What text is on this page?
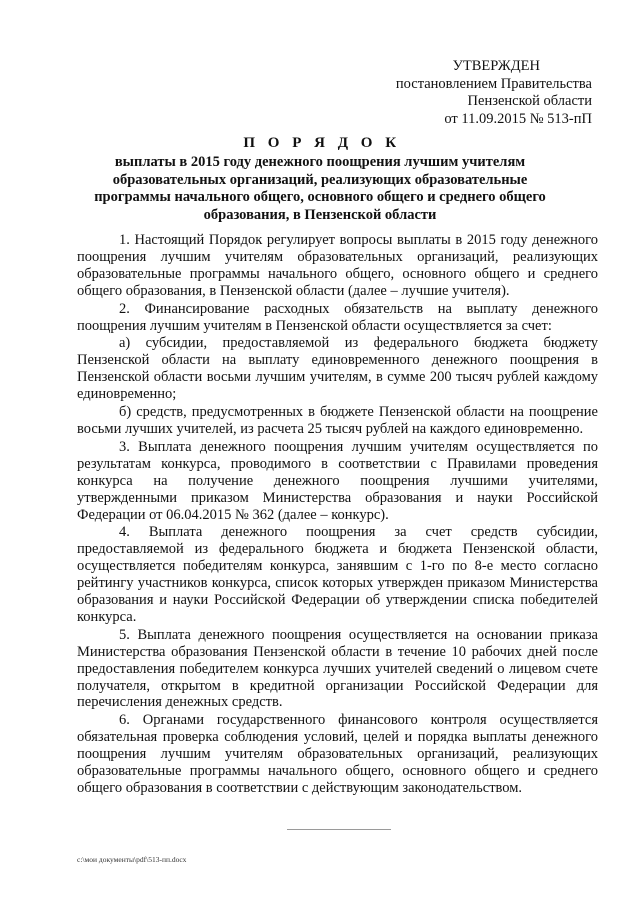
УТВЕРЖДЕН
постановлением Правительства
Пензенской области
от 11.09.2015 № 513-пП
П О Р Я Д О К
выплаты в 2015 году денежного поощрения лучшим учителям образовательных организаций, реализующих образовательные программы начального общего, основного общего и среднего общего образования, в Пензенской области

1. Настоящий Порядок регулирует вопросы выплаты в 2015 году денежного поощрения лучшим учителям образовательных организаций, реализующих образовательные программы начального общего, основного общего и среднего общего образования, в Пензенской области (далее – лучшие учителя).

2. Финансирование расходных обязательств на выплату денежного поощрения лучшим учителям в Пензенской области осуществляется за счет:

а) субсидии, предоставляемой из федерального бюджета бюджету Пензенской области на выплату единовременного денежного поощрения в Пензенской области восьми лучшим учителям, в сумме 200 тысяч рублей каждому единовременно;

б) средств, предусмотренных в бюджете Пензенской области на поощрение восьми лучших учителей, из расчета 25 тысяч рублей на каждого единовременно.

3. Выплата денежного поощрения лучшим учителям осуществляется по результатам конкурса, проводимого в соответствии с Правилами проведения конкурса на получение денежного поощрения лучшими учителями, утвержденными приказом Министерства образования и науки Российской Федерации от 06.04.2015 № 362 (далее – конкурс).

4. Выплата денежного поощрения за счет средств субсидии, предоставляемой из федерального бюджета и бюджета Пензенской области, осуществляется победителям конкурса, занявшим с 1-го по 8-е место согласно рейтингу участников конкурса, список которых утвержден приказом Министерства образования и науки Российской Федерации об утверждении списка победителей конкурса.

5. Выплата денежного поощрения осуществляется на основании приказа Министерства образования Пензенской области в течение 10 рабочих дней после предоставления победителем конкурса лучших учителей сведений о лицевом счете получателя, открытом в кредитной организации Российской Федерации для перечисления денежных средств.

6. Органами государственного финансового контроля осуществляется обязательная проверка соблюдения условий, целей и порядка выплаты денежного поощрения лучшим учителям образовательных организаций, реализующих образовательные программы начального общего, основного общего и среднего общего образования в соответствии с действующим законодательством.

c:\мои документы\pdf\513-пп.docx
